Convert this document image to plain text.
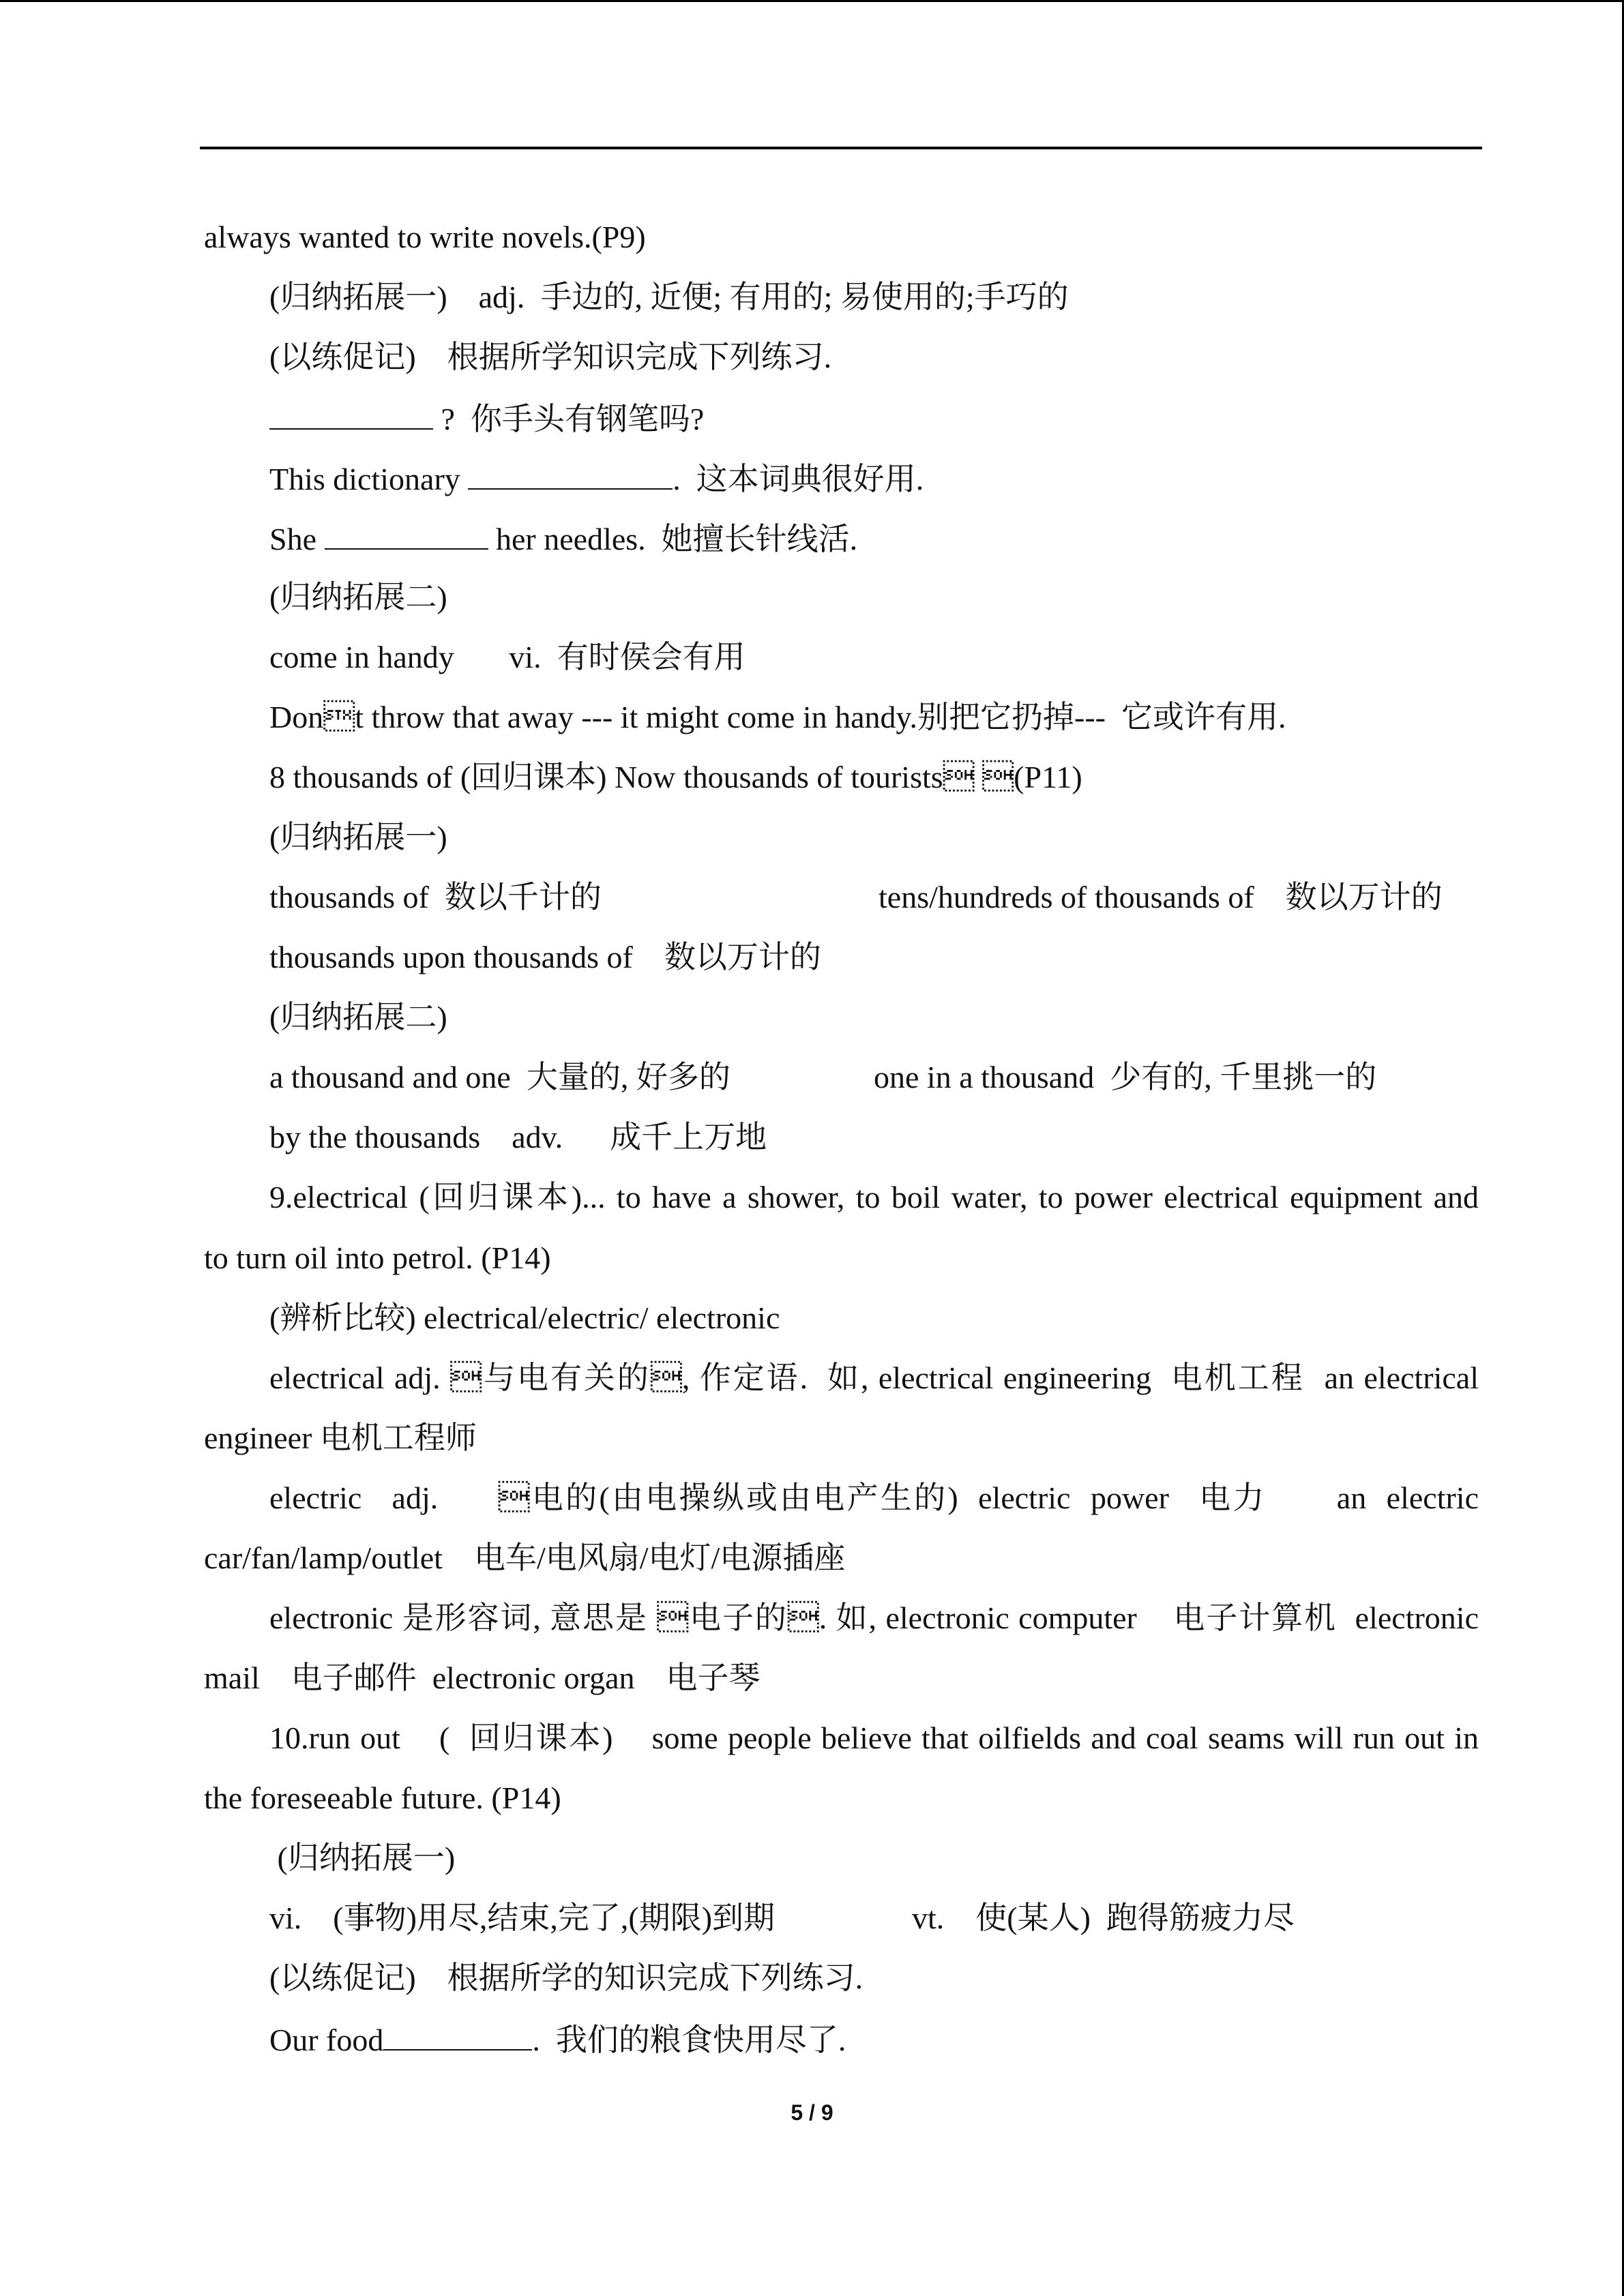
always wanted to write novels.(P9)
(归纳拓展一)    adj.  手边的, 近便; 有用的; 易使用的;手巧的
(以练促记)    根据所学知识完成下列练习.
?  你手头有钢笔吗?
This dictionary	.  这本词典很好用.
She	her needles.  她擅长针线活.
(归纳拓展二)
come in handy       vi.  有时侯会有用
Dont throw that away --- it might come in handy.别把它扔掉---  它或许有用.
8 thousands of (回归课本) Now thousands of tourists (P11)
(归纳拓展一)
thousands of  数以千计的	tens/hundreds of thousands of    数以万计的
thousands upon thousands of    数以万计的
(归纳拓展二)
a thousand and one  大量的, 好多的	one in a thousand  少有的, 千里挑一的
by the thousands    adv.      成千上万地
9.electrical (回归课本)... to have a shower, to boil water, to power electrical equipment and
to turn oil into petrol. (P14)
(辨析比较) electrical/electric/ electronic
electrical adj. 与电有关的, 作定语.  如, electrical engineering  电机工程  an electrical
engineer 电机工程师
electric   adj.      电的(由电操纵或由电产生的)  electric  power   电力       an  electric
car/fan/lamp/outlet    电车/电风扇/电灯/电源插座
electronic 是形容词, 意思是 电子的. 如, electronic computer    电子计算机  electronic
mail    电子邮件  electronic organ    电子琴
10.run out    (  回归课本)    some people believe that oilfields and coal seams will run out in
the foreseeable future. (P14)
(归纳拓展一)
vi.    (事物)用尽,结束,完了,(期限)到期	vt.    使(某人)  跑得筋疲力尽
(以练促记)    根据所学的知识完成下列练习.
Our food	.  我们的粮食快用尽了.
5 / 9
